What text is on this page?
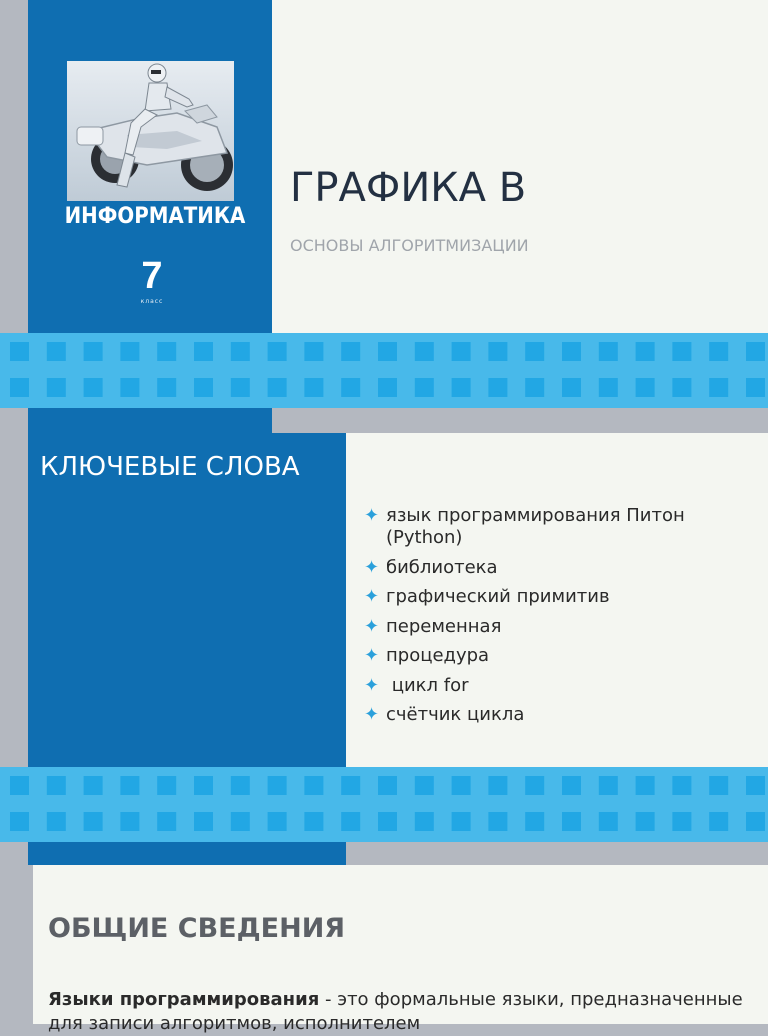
ИНФОРМАТИКА
7
класс
ГРАФИКА В
ОСНОВЫ АЛГОРИТМИЗАЦИИ
КЛЮЧЕВЫЕ СЛОВА
✦ язык программирования Питон (Python)
✦ библиотека
✦ графический примитив
✦ переменная
✦ процедура
✦ цикл for
✦ счётчик цикла
ОБЩИЕ СВЕДЕНИЯ
Языки программирования - это формальные языки, предназначенные для записи алгоритмов, исполнителем
